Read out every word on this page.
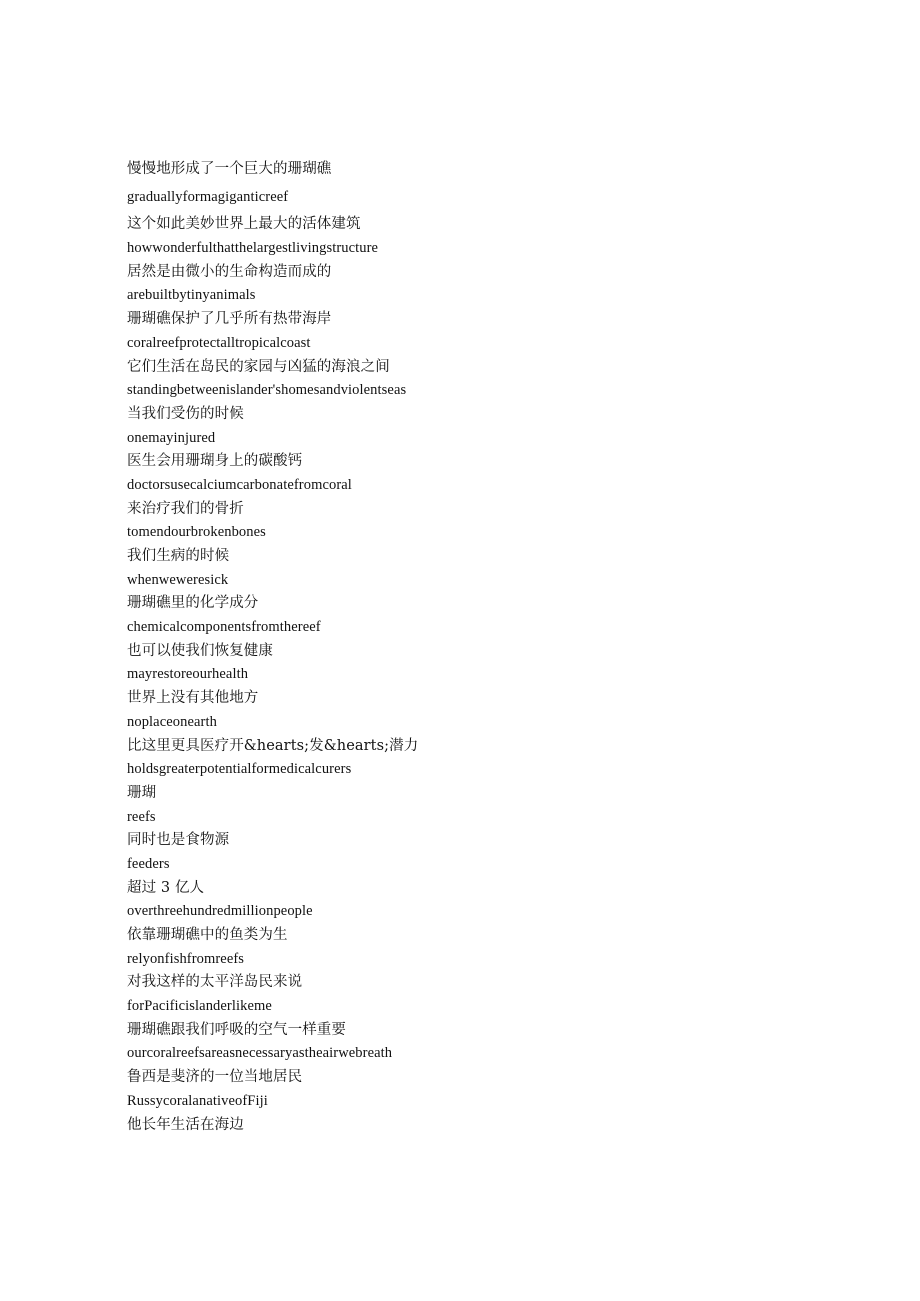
慢慢地形成了一个巨大的珊瑚礁
graduallyformagiganticreef
这个如此美妙世界上最大的活体建筑
howwonderfulthatthelargestlivingstructure
居然是由微小的生命构造而成的
arebuiltbytinyanimals
珊瑚礁保护了几乎所有热带海岸
coralreefprotectalltropicalcoast
它们生活在岛民的家园与凶猛的海浪之间
standingbetweenislander'shomesandviolentseas
当我们受伤的时候
onemayinjured
医生会用珊瑚身上的碳酸钙
doctorsusecalciumcarbonatefromcoral
来治疗我们的骨折
tomendourbrokenbones
我们生病的时候
whenweweresick
珊瑚礁里的化学成分
chemicalcomponentsfromthereef
也可以使我们恢复健康
mayrestoreourhealth
世界上没有其他地方
noplaceonearth
比这里更具医疗开&hearts;发&hearts;潜力
holdsgreaterpotentialformedicalcurers
珊瑚
reefs
同时也是食物源
feeders
超过 3 亿人
overthreehundredmillionpeople
依靠珊瑚礁中的鱼类为生
relyonfishfromreefs
对我这样的太平洋岛民来说
forPacificislanderlikeme
珊瑚礁跟我们呼吸的空气一样重要
ourcoralreefsareasnecessaryastheairwebreath
鲁西是斐济的一位当地居民
RussycoralanativeofFiji
他长年生活在海边
